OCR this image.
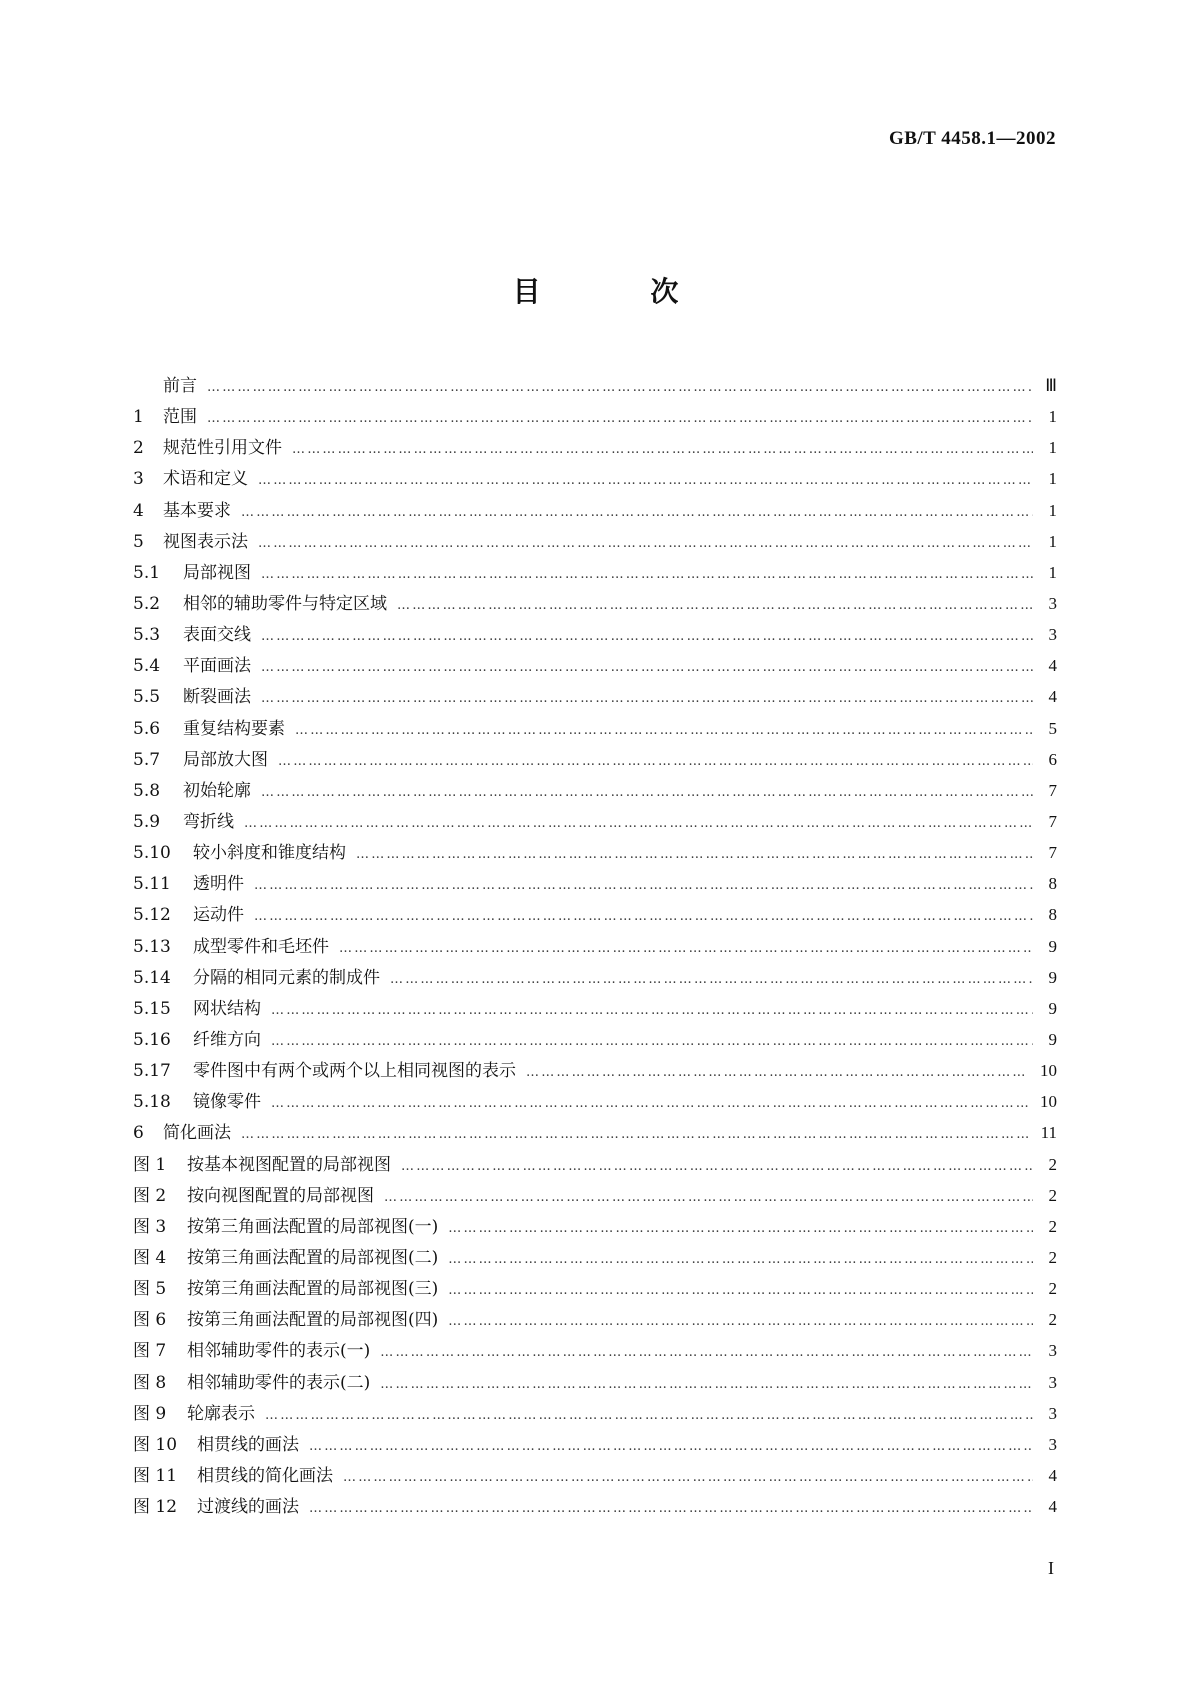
GB/T 4458.1—2002

目 次
前言 …………………………………………………………………………………………………………………………………………………………	Ⅲ
1	范围 …………………………………………………………………………………………………………………………………………………………	1
2	规范性引用文件 …………………………………………………………………………………………………………………………………………………………	1
3	术语和定义 …………………………………………………………………………………………………………………………………………………………	1
4	基本要求 …………………………………………………………………………………………………………………………………………………………	1
5	视图表示法 …………………………………………………………………………………………………………………………………………………………	1
5.1	局部视图 …………………………………………………………………………………………………………………………………………………………	1
5.2	相邻的辅助零件与特定区域 …………………………………………………………………………………………………………………………………………………………	3
5.3	表面交线 …………………………………………………………………………………………………………………………………………………………	3
5.4	平面画法 …………………………………………………………………………………………………………………………………………………………	4
5.5	断裂画法 …………………………………………………………………………………………………………………………………………………………	4
5.6	重复结构要素 …………………………………………………………………………………………………………………………………………………………	5
5.7	局部放大图 …………………………………………………………………………………………………………………………………………………………	6
5.8	初始轮廓 …………………………………………………………………………………………………………………………………………………………	7
5.9	弯折线 …………………………………………………………………………………………………………………………………………………………	7
5.10	较小斜度和锥度结构 …………………………………………………………………………………………………………………………………………………………	7
5.11	透明件 …………………………………………………………………………………………………………………………………………………………	8
5.12	运动件 …………………………………………………………………………………………………………………………………………………………	8
5.13	成型零件和毛坯件 …………………………………………………………………………………………………………………………………………………………	9
5.14	分隔的相同元素的制成件 …………………………………………………………………………………………………………………………………………………………	9
5.15	网状结构 …………………………………………………………………………………………………………………………………………………………	9
5.16	纤维方向 …………………………………………………………………………………………………………………………………………………………	9
5.17	零件图中有两个或两个以上相同视图的表示 …………………………………………………………………………………………………………………………………………………………	10
5.18	镜像零件 …………………………………………………………………………………………………………………………………………………………	10
6	简化画法 …………………………………………………………………………………………………………………………………………………………	11
图 1	按基本视图配置的局部视图 …………………………………………………………………………………………………………………………………………………………	2
图 2	按向视图配置的局部视图 …………………………………………………………………………………………………………………………………………………………	2
图 3	按第三角画法配置的局部视图(一) …………………………………………………………………………………………………………………………………………………………	2
图 4	按第三角画法配置的局部视图(二) …………………………………………………………………………………………………………………………………………………………	2
图 5	按第三角画法配置的局部视图(三) …………………………………………………………………………………………………………………………………………………………	2
图 6	按第三角画法配置的局部视图(四) …………………………………………………………………………………………………………………………………………………………	2
图 7	相邻辅助零件的表示(一) …………………………………………………………………………………………………………………………………………………………	3
图 8	相邻辅助零件的表示(二) …………………………………………………………………………………………………………………………………………………………	3
图 9	轮廓表示 …………………………………………………………………………………………………………………………………………………………	3
图 10	相贯线的画法 …………………………………………………………………………………………………………………………………………………………	3
图 11	相贯线的简化画法 …………………………………………………………………………………………………………………………………………………………	4
图 12	过渡线的画法 …………………………………………………………………………………………………………………………………………………………	4

I
